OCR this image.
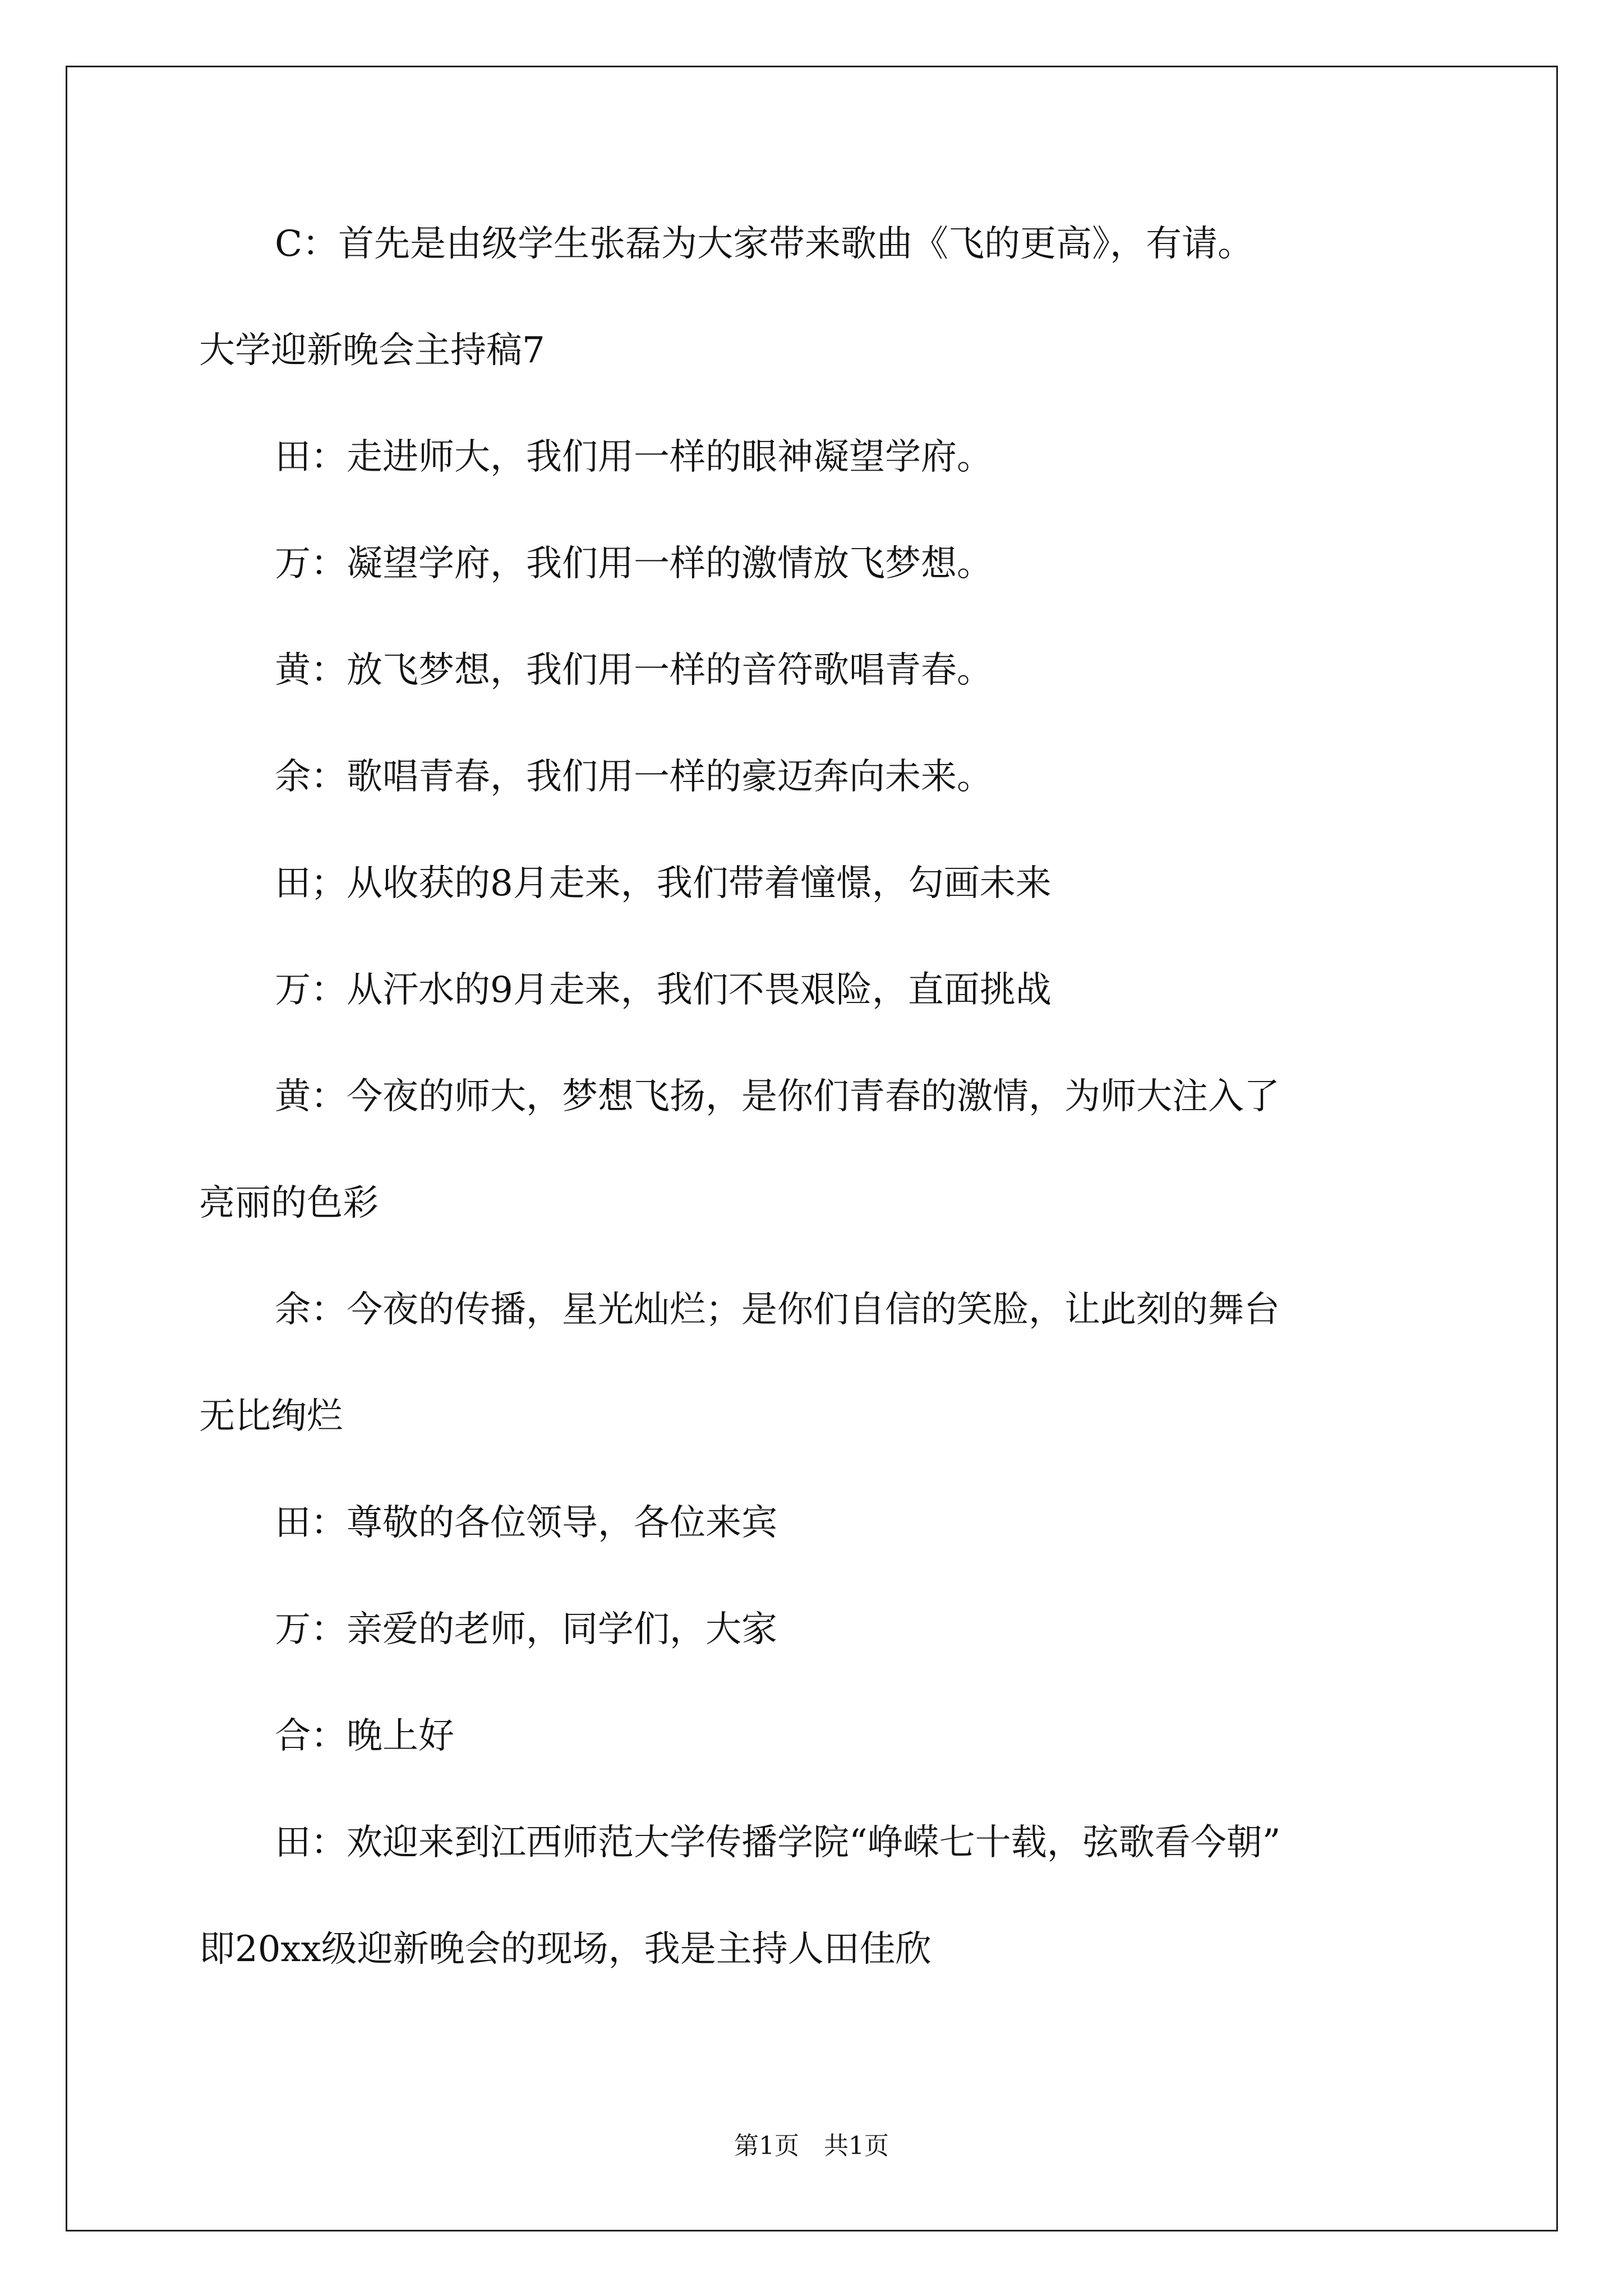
C：首先是由级学生张磊为大家带来歌曲《飞的更高》，有请。
大学迎新晚会主持稿7
田：走进师大，我们用一样的眼神凝望学府。
万：凝望学府，我们用一样的激情放飞梦想。
黄：放飞梦想，我们用一样的音符歌唱青春。
余：歌唱青春，我们用一样的豪迈奔向未来。
田；从收获的8月走来，我们带着憧憬，勾画未来
万：从汗水的9月走来，我们不畏艰险，直面挑战
黄：今夜的师大，梦想飞扬，是你们青春的激情，为师大注入了
亮丽的色彩
余：今夜的传播，星光灿烂；是你们自信的笑脸，让此刻的舞台
无比绚烂
田：尊敬的各位领导，各位来宾
万：亲爱的老师，同学们，大家
合：晚上好
田：欢迎来到江西师范大学传播学院“峥嵘七十载，弦歌看今朝”
即20xx级迎新晚会的现场，我是主持人田佳欣
第1页　共1页
